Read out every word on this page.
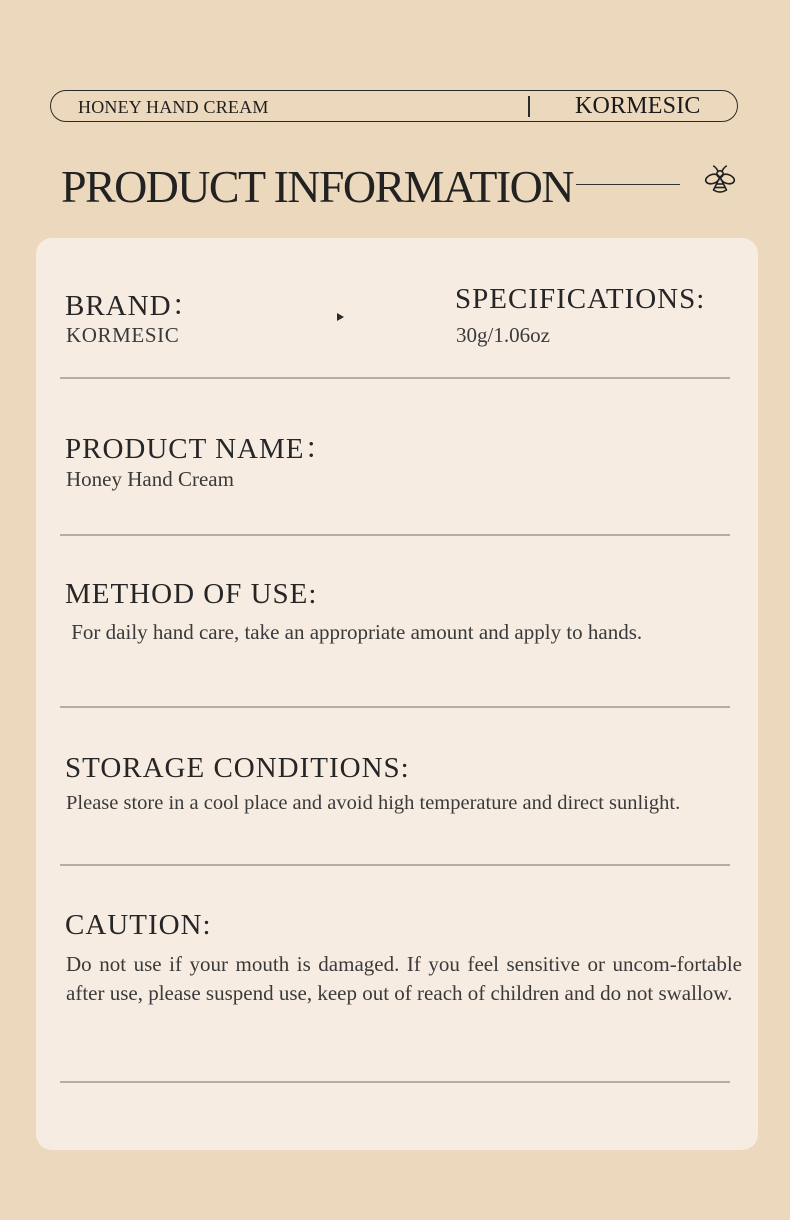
HONEY HAND CREAM	KORMESIC
PRODUCT INFORMATION
BRAND：
KORMESIC
SPECIFICATIONS:
30g/1.06oz
PRODUCT NAME：
Honey Hand Cream
METHOD OF USE:
For daily hand care, take an appropriate amount and apply to hands.
STORAGE CONDITIONS:
Please store in a cool place and avoid high temperature and direct sunlight.
CAUTION:
Do not use if your mouth is damaged. If you feel sensitive or uncom-fortable after use, please suspend use, keep out of reach of children and do not swallow.
